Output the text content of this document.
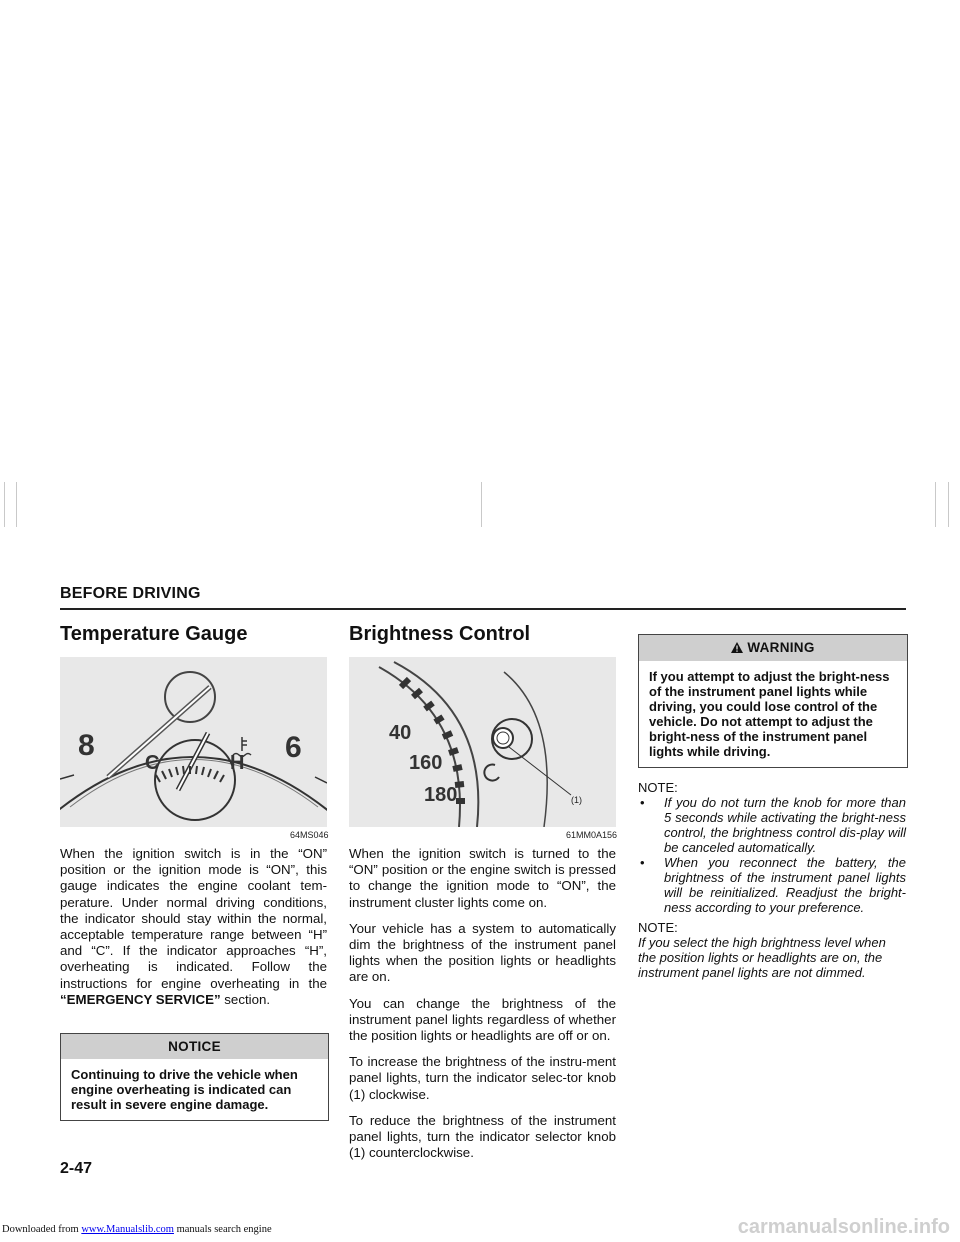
BEFORE DRIVING
Temperature Gauge
8	6
C	H
64MS046

When the ignition switch is in the “ON” position or the ignition mode is “ON”, this gauge indicates the engine coolant tem-perature. Under normal driving conditions, the indicator should stay within the normal, acceptable temperature range between “H” and “C”. If the indicator approaches “H”, overheating is indicated. Follow the instructions for engine overheating in the “EMERGENCY SERVICE” section.

NOTICE
Continuing to drive the vehicle when engine overheating is indicated can result in severe engine damage.
Brightness Control
40
160
180	(1)
61MM0A156

When the ignition switch is turned to the “ON” position or the engine switch is pressed to change the ignition mode to “ON”, the instrument cluster lights come on.

Your vehicle has a system to automatically dim the brightness of the instrument panel lights when the position lights or headlights are on.

You can change the brightness of the instrument panel lights regardless of whether the position lights or headlights are off or on.

To increase the brightness of the instru-ment panel lights, turn the indicator selec-tor knob (1) clockwise.

To reduce the brightness of the instrument panel lights, turn the indicator selector knob (1) counterclockwise.

WARNING
If you attempt to adjust the bright-ness of the instrument panel lights while driving, you could lose control of the vehicle. Do not attempt to adjust the bright-ness of the instrument panel lights while driving.
NOTE:
• If you do not turn the knob for more than 5 seconds while activating the bright-ness control, the brightness control dis-play will be canceled automatically.
• When you reconnect the battery, the brightness of the instrument panel lights will be reinitialized. Readjust the bright-ness according to your preference.
NOTE:
If you select the high brightness level when the position lights or headlights are on, the instrument panel lights are not dimmed.
2-47
Downloaded from www.Manualslib.com manuals search engine	carmanualsonline.info
